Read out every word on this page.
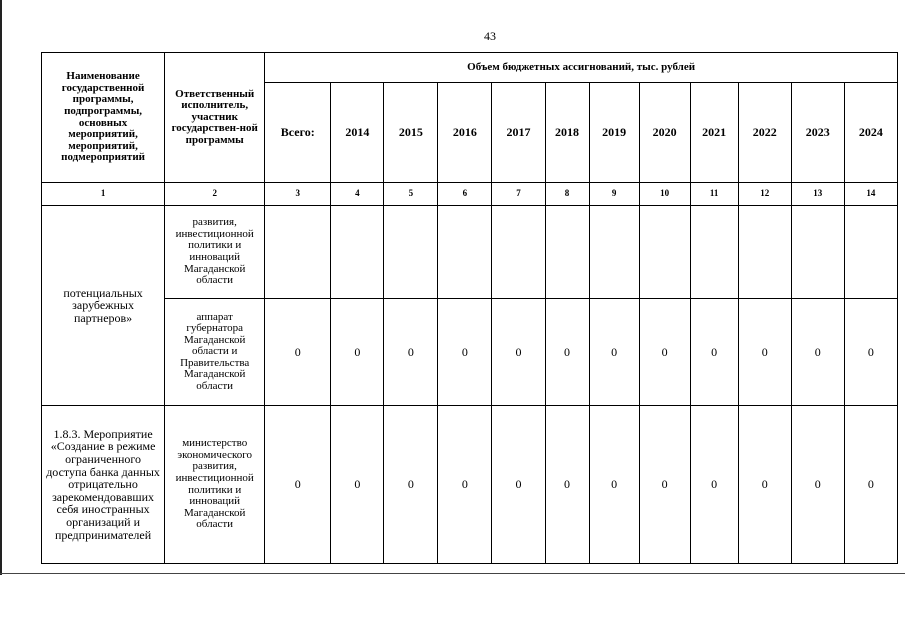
43
Наименование государственной программы, подпрограммы, основных мероприятий, мероприятий, подмероприятий	Ответственный исполнитель, участник государствен-ной программы	Объем бюджетных ассигнований, тыс. рублей											
		Всего:	2014	2015	2016	2017	2018	2019	2020	2021	2022	2023	2024
1	2	3	4	5	6	7	8	9	10	11	12	13	14
потенциальных зарубежных партнеров»	развития, инвестиционной политики и инноваций Магаданской области												
	аппарат губернатора Магаданской области и Правительства Магаданской области	0	0	0	0	0	0	0	0	0	0	0	0
1.8.3. Мероприятие «Создание в режиме ограниченного доступа банка данных отрицательно зарекомендовавших себя иностранных организаций и предпринимателей	министерство экономического развития, инвестиционной политики и инноваций Магаданской области	0	0	0	0	0	0	0	0	0	0	0	0
